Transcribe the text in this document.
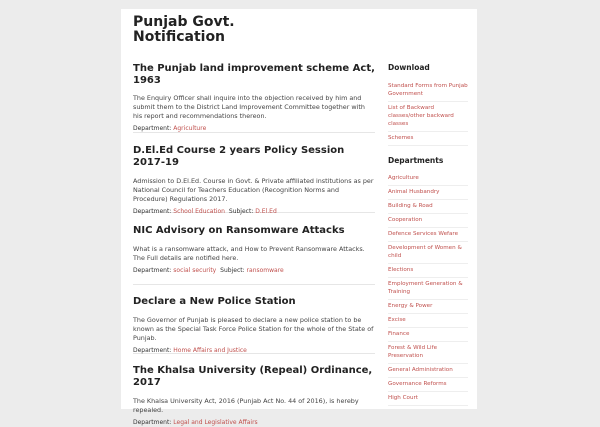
Punjab Govt.
Notification
The Punjab land improvement scheme Act, 1963

The Enquiry Officer shall inquire into the objection received by him and submit them to the District Land Improvement Committee together with his report and recommendations thereon.

Department: Agriculture

D.El.Ed Course 2 years Policy Session 2017-19

Admission to D.El.Ed. Course in Govt. & Private affiliated institutions as per National Council for Teachers Education (Recognition Norms and Procedure) Regulations 2017.

Department: School Education Subject: D.El.Ed

NIC Advisory on Ransomware Attacks

What is a ransomware attack, and How to Prevent Ransomware Attacks. The Full details are notified here.

Department: social security Subject: ransomware

Declare a New Police Station

The Governor of Punjab is pleased to declare a new police station to be known as the Special Task Force Police Station for the whole of the State of Punjab.

Department: Home Affairs and Justice

The Khalsa University (Repeal) Ordinance, 2017

The Khalsa University Act, 2016 (Punjab Act No. 44 of 2016), is hereby repealed.

Department: Legal and Legislative Affairs

Download
Standard Forms from Punjab Government
List of Backward classes/other backward classes
Schemes
Departments
Agriculture
Animal Husbandry
Building & Road
Cooperation
Defence Services Wefare
Development of Women & child
Elections
Employment Generation & Training
Energy & Power
Excise
Finance
Forest & Wild Life Preservation
General Administration
Governance Reforms
High Court
